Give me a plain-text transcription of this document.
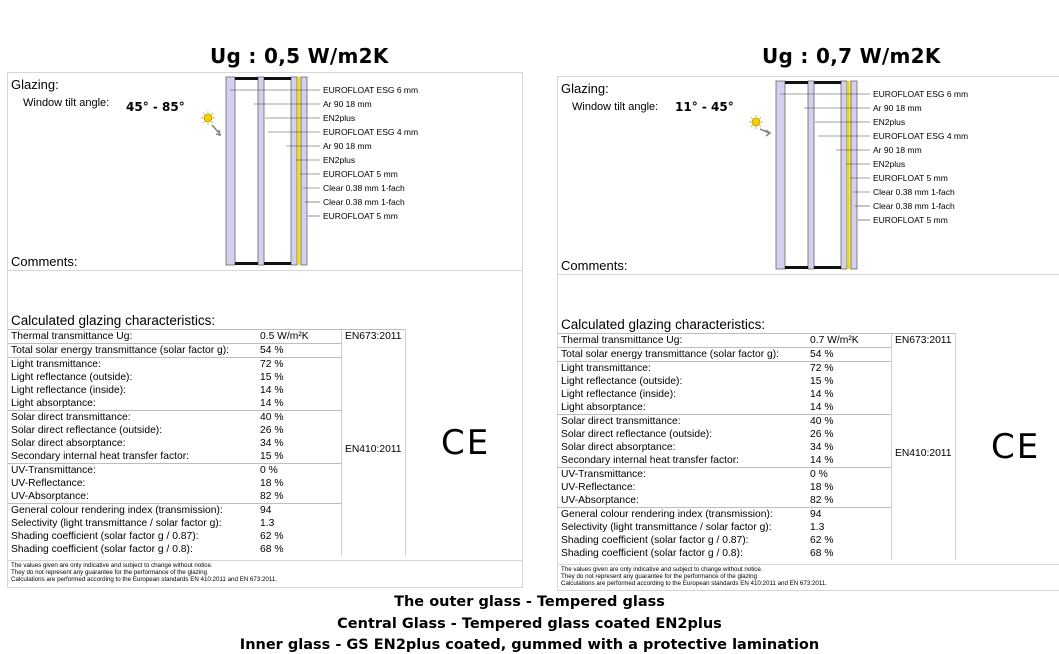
Ug : 0,5 W/m2K
Glazing:
Window tilt angle: 45° - 85°
EUROFLOAT ESG 6 mm
Ar 90 18 mm
EN2plus
EUROFLOAT ESG 4 mm
Ar 90 18 mm
EN2plus
EUROFLOAT 5 mm
Clear 0.38 mm 1-fach
Clear 0.38 mm 1-fach
EUROFLOAT 5 mm
Comments:
Calculated glazing characteristics:
Thermal transmittance Ug:	0.5 W/m²K	EN673:2011
Total solar energy transmittance (solar factor g):	54 %	EN410:2011
Light transmittance:	72 %	
Light reflectance (outside):	15 %	
Light reflectance (inside):	14 %	
Light absorptance:	14 %	
Solar direct transmittance:	40 %	
Solar direct reflectance (outside):	26 %	
Solar direct absorptance:	34 %	
Secondary internal heat transfer factor:	15 %	
UV-Transmittance:	0 %	
UV-Reflectance:	18 %	
UV-Absorptance:	82 %	
General colour rendering index (transmission):	94	
Selectivity (light transmittance / solar factor g):	1.3	
Shading coefficient (solar factor g / 0.87):	62 %	
Shading coefficient (solar factor g / 0.8):	68 %	
CE
The values given are only indicative and subject to change without notice.
They do not represent any guarantee for the performance of the glazing
Calculations are performed according to the European standards EN 410:2011 and EN 673:2011.
Ug : 0,7 W/m2K
Glazing:
Window tilt angle: 11° - 45°
EUROFLOAT ESG 6 mm
Ar 90 18 mm
EN2plus
EUROFLOAT ESG 4 mm
Ar 90 18 mm
EN2plus
EUROFLOAT 5 mm
Clear 0.38 mm 1-fach
Clear 0.38 mm 1-fach
EUROFLOAT 5 mm
Comments:
Calculated glazing characteristics:
Thermal transmittance Ug:	0.7 W/m²K	EN673:2011
Total solar energy transmittance (solar factor g):	54 %	EN410:2011
Light transmittance:	72 %	
Light reflectance (outside):	15 %	
Light reflectance (inside):	14 %	
Light absorptance:	14 %	
Solar direct transmittance:	40 %	
Solar direct reflectance (outside):	26 %	
Solar direct absorptance:	34 %	
Secondary internal heat transfer factor:	14 %	
UV-Transmittance:	0 %	
UV-Reflectance:	18 %	
UV-Absorptance:	82 %	
General colour rendering index (transmission):	94	
Selectivity (light transmittance / solar factor g):	1.3	
Shading coefficient (solar factor g / 0.87):	62 %	
Shading coefficient (solar factor g / 0.8):	68 %	
CE
The values given are only indicative and subject to change without notice.
They do not represent any guarantee for the performance of the glazing
Calculations are performed according to the European standards EN 410:2011 and EN 673:2011.
The outer glass - Tempered glass
Central Glass - Tempered glass coated EN2plus
Inner glass - GS EN2plus coated, gummed with a protective lamination
